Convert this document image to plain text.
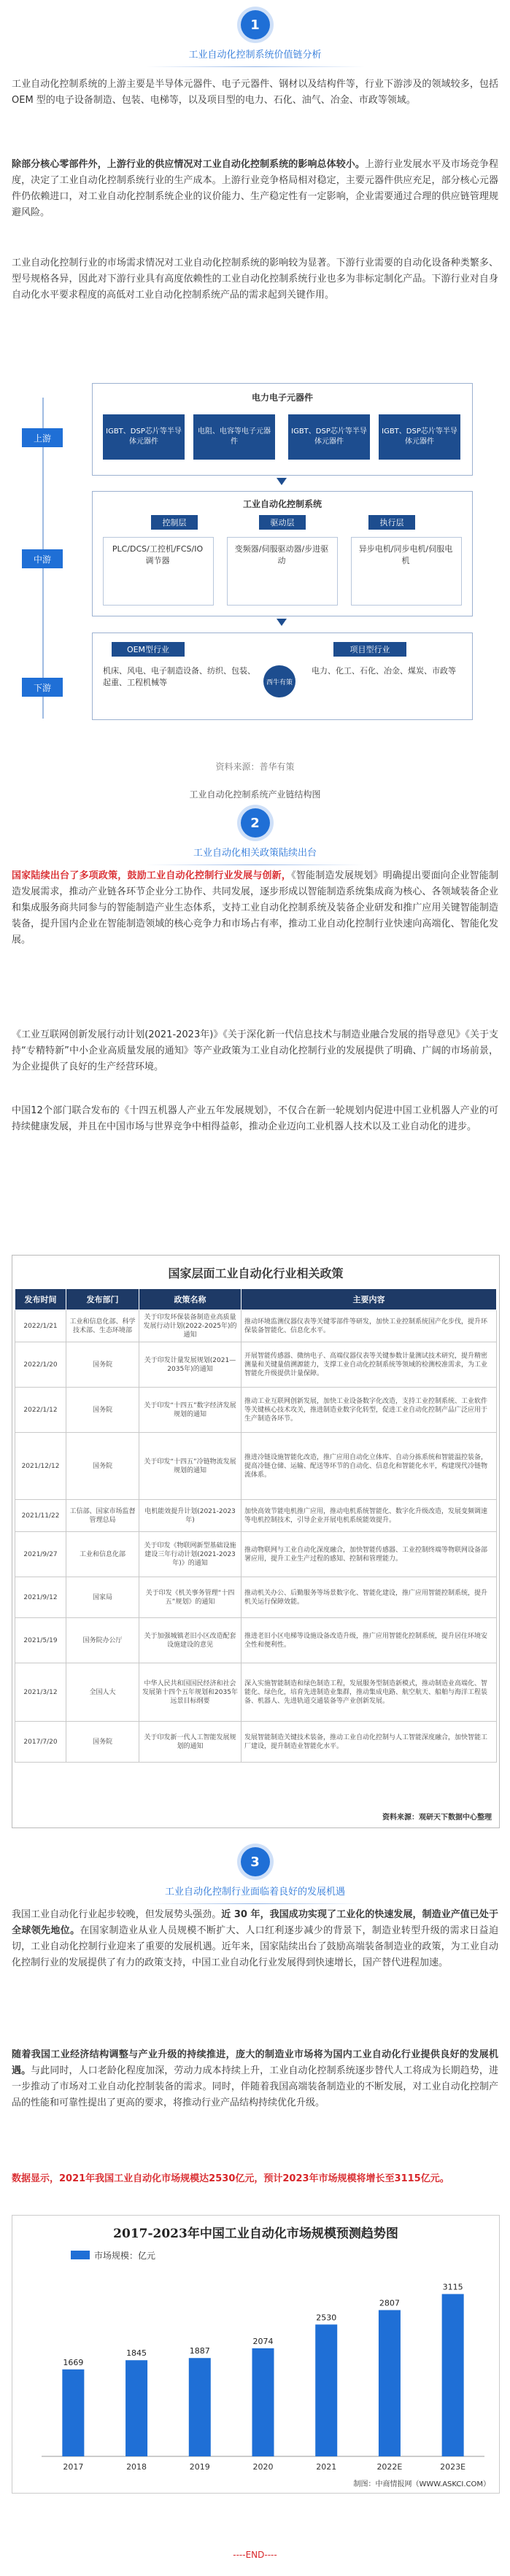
1
工业自动化控制系统价值链分析

工业自动化控制系统的上游主要是半导体元器件、电子元器件、钢材以及结构件等，行业下游涉及的领域较多，包括 OEM 型的电子设备制造、包装、电梯等，以及项目型的电力、石化、油气、冶金、市政等领域。

除部分核心零部件外，上游行业的供应情况对工业自动化控制系统的影响总体较小。上游行业发展水平及市场竞争程度，决定了工业自动化控制系统行业的生产成本。上游行业竞争格局相对稳定，主要元器件供应充足，部分核心元器件仍依赖进口，对工业自动化控制系统企业的议价能力、生产稳定性有一定影响，企业需要通过合理的供应链管理规避风险。

工业自动化控制行业的市场需求情况对工业自动化控制系统的影响较为显著。下游行业需要的自动化设备种类繁多、型号规格各异，因此对下游行业具有高度依赖性的工业自动化控制系统行业也多为非标定制化产品。下游行业对自身自动化水平要求程度的高低对工业自动化控制系统产品的需求起到关键作用。

上游
中游
下游
电力电子元器件
IGBT、DSP芯片等半导体元器件
电阻、电容等电子元器件
IGBT、DSP芯片等半导体元器件
IGBT、DSP芯片等半导体元器件
工业自动化控制系统
控制层	驱动层	执行层
PLC/DCS/工控机/FCS/IO调节器
变频器/伺服驱动器/步进驱动
异步电机/同步电机/伺服电机
OEM型行业
机床、风电、电子制造设备、纺织、包装、起重、工程机械等	西牛有策
项目型行业
电力、化工、石化、冶金、煤炭、市政等
资料来源：普华有策
工业自动化控制系统产业链结构图
2
工业自动化相关政策陆续出台

国家陆续出台了多项政策，鼓励工业自动化控制行业发展与创新，《智能制造发展规划》明确提出要面向企业智能制造发展需求，推动产业链各环节企业分工协作、共同发展，逐步形成以智能制造系统集成商为核心、各领域装备企业和集成服务商共同参与的智能制造产业生态体系，支持工业自动化控制系统及装备企业研发和推广应用关键智能制造装备，提升国内企业在智能制造领域的核心竞争力和市场占有率，推动工业自动化控制行业快速向高端化、智能化发展。

《工业互联网创新发展行动计划(2021-2023年)》《关于深化新一代信息技术与制造业融合发展的指导意见》《关于支持“专精特新”中小企业高质量发展的通知》等产业政策为工业自动化控制行业的发展提供了明确、广阔的市场前景，为企业提供了良好的生产经营环境。

中国12个部门联合发布的《十四五机器人产业五年发展规划》，不仅合在新一轮规划内促进中国工业机器人产业的可持续健康发展，并且在中国市场与世界竞争中相得益彰，推动企业迈向工业机器人技术以及工业自动化的进步。

国家层面工业自动化行业相关政策
发布时间	发布部门	政策名称	主要内容
2022/1/21	工业和信息化部、科学技术部、生态环境部	关于印发环保装备制造业高质量发展行动计划(2022-2025年)的通知	推动环境监测仪器仪表等关键零部件等研发，加快工业控制系统国产化步伐，提升环保装备智能化、信息化水平。
2022/1/20	国务院	关于印发计量发展规划(2021—2035年)的通知	开展智能传感器、微纳电子、高端仪器仪表等关键参数计量测试技术研究，提升精密测量和关键量值溯源能力，支撑工业自动化控制系统等领域的检测校准需求，为工业智能化升级提供计量保障。
2022/1/12	国务院	关于印发“十四五”数字经济发展规划的通知	推动工业互联网创新发展，加快工业设备数字化改造，支持工业控制系统、工业软件等关键核心技术攻关，推进制造业数字化转型，促进工业自动化控制产品广泛应用于生产制造各环节。
2021/12/12	国务院	关于印发“十四五”冷链物流发展规划的通知	推进冷链设施智能化改造，推广应用自动化立体库、自动分拣系统和智能温控装备，提高冷链仓储、运输、配送等环节的自动化、信息化和智能化水平，构建现代冷链物流体系。
2021/11/22	工信部、国家市场监督管理总局	电机能效提升计划(2021-2023年)	加快高效节能电机推广应用，推动电机系统智能化、数字化升级改造，发展变频调速等电机控制技术，引导企业开展电机系统能效提升。
2021/9/27	工业和信息化部	关于印发《物联网新型基础设施建设三年行动计划(2021-2023年)》的通知	推动物联网与工业自动化深度融合，加快智能传感器、工业控制终端等物联网设备部署应用，提升工业生产过程的感知、控制和管理能力。
2021/9/12	国家局	关于印发《机关事务管理“十四五”规划》的通知	推动机关办公、后勤服务等场景数字化、智能化建设，推广应用智能控制系统，提升机关运行保障效能。
2021/5/19	国务院办公厅	关于加强城镇老旧小区改造配套设施建设的意见	推进老旧小区电梯等设施设备改造升级，推广应用智能化控制系统，提升居住环境安全性和便利性。
2021/3/12	全国人大	中华人民共和国国民经济和社会发展第十四个五年规划和2035年远景目标纲要	深入实施智能制造和绿色制造工程，发展服务型制造新模式，推动制造业高端化、智能化、绿色化，培育先进制造业集群，推动集成电路、航空航天、船舶与海洋工程装备、机器人、先进轨道交通装备等产业创新发展。
2017/7/20	国务院	关于印发新一代人工智能发展规划的通知	发展智能制造关键技术装备，推动工业自动化控制与人工智能深度融合，加快智能工厂建设，提升制造业智能化水平。
资料来源：观研天下数据中心整理
3
工业自动化控制行业面临着良好的发展机遇

我国工业自动化行业起步较晚，但发展势头强劲。近 30 年，我国成功实现了工业化的快速发展，制造业产值已处于全球领先地位。在国家制造业从业人员规模不断扩大、人口红利逐步减少的背景下，制造业转型升级的需求日益迫切，工业自动化控制行业迎来了重要的发展机遇。近年来，国家陆续出台了鼓励高端装备制造业的政策，为工业自动化控制行业的发展提供了有力的政策支持，中国工业自动化行业发展得到快速增长，国产替代进程加速。

随着我国工业经济结构调整与产业升级的持续推进，庞大的制造业市场将为国内工业自动化行业提供良好的发展机遇。与此同时，人口老龄化程度加深，劳动力成本持续上升，工业自动化控制系统逐步替代人工将成为长期趋势，进一步推动了市场对工业自动化控制装备的需求。同时，伴随着我国高端装备制造业的不断发展，对工业自动化控制产品的性能和可靠性提出了更高的要求，将推动行业产品结构持续优化升级。

数据显示，2021年我国工业自动化市场规模达2530亿元，预计2023年市场规模将增长至3115亿元。

2017-2023年中国工业自动化市场规模预测趋势图
市场规模：亿元
1669
2017
1845
2018
1887
2019
2074
2020
2530
2021
2807
2022E
3115
2023E
制图：中商情报网（WWW.ASKCI.COM）
----END----
